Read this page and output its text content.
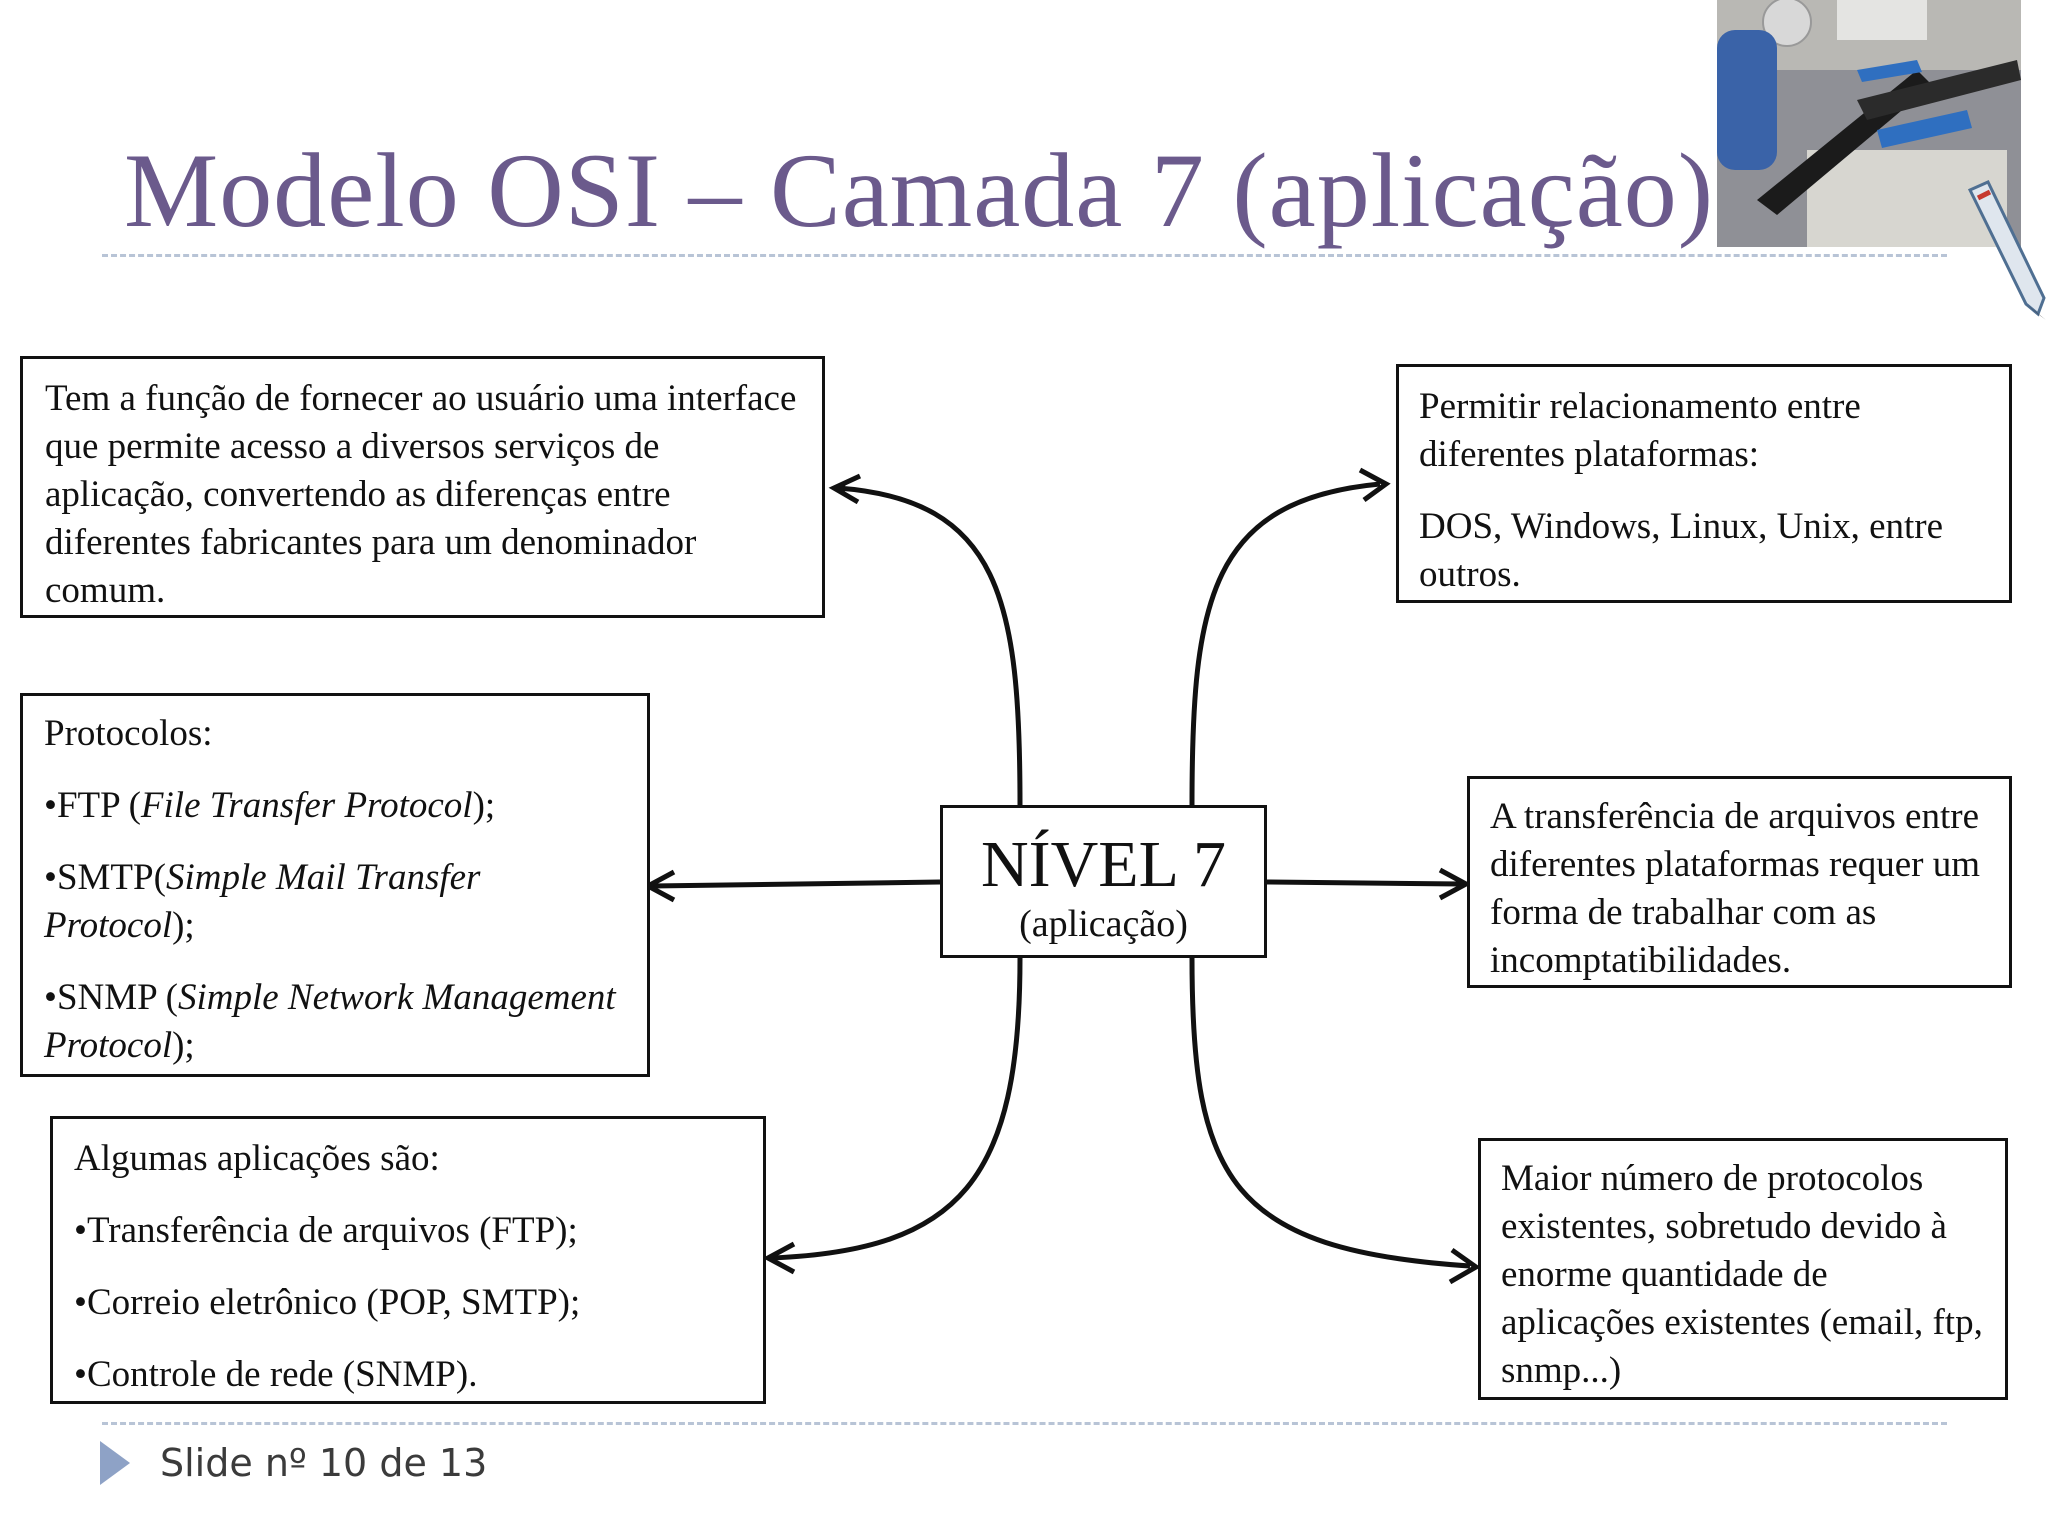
Modelo OSI – Camada 7 (aplicação)

Tem a função de fornecer ao usuário uma interface que permite acesso a diversos serviços de aplicação, convertendo as diferenças entre diferentes fabricantes para um denominador comum.

Protocolos:

•FTP (File Transfer Protocol);

•SMTP(Simple Mail Transfer Protocol);

•SNMP (Simple Network Management Protocol);

Algumas aplicações são:

•Transferência de arquivos (FTP);

•Correio eletrônico (POP, SMTP);

•Controle de rede (SNMP).

Permitir relacionamento entre diferentes plataformas:

DOS, Windows, Linux, Unix, entre outros.

A transferência de arquivos entre diferentes plataformas requer um forma de trabalhar com as incomptatibilidades.

Maior número de protocolos existentes, sobretudo devido à enorme quantidade de aplicações existentes (email, ftp, snmp...)

NÍVEL 7
(aplicação)
Slide nº 10 de 13
